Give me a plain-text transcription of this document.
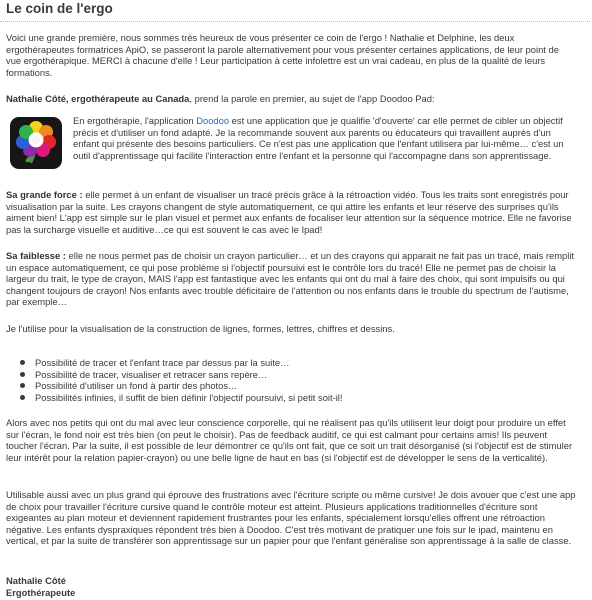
Le coin de l'ergo

Voici une grande première, nous sommes très heureux de vous présenter ce coin de l'ergo ! Nathalie et Delphine, les deux ergothérapeutes formatrices ApiO, se passeront la parole alternativement pour vous présenter certaines applications, de leur point de vue ergothérapique. MERCI à chacune d'elle ! Leur participation à cette infolettre est un vrai cadeau, en plus de la qualité de leurs formations.

Nathalie Côté, ergothérapeute au Canada, prend la parole en premier, au sujet de l'app Doodoo Pad:

En ergothérapie, l'application Doodoo est une application que je qualifie 'd'ouverte' car elle permet de cibler un objectif précis et d'utiliser un fond adapté. Je la recommande souvent aux parents ou éducateurs qui travaillent auprès d'un enfant qui présente des besoins particuliers. Ce n'est pas une application que l'enfant utilisera par lui-même… c'est un outil d'apprentissage qui facilite l'interaction entre l'enfant et la personne qui l'accompagne dans son apprentissage.

Sa grande force : elle permet à un enfant de visualiser un tracé précis grâce à la rétroaction vidéo. Tous les traits sont enregistrés pour visualisation par la suite. Les crayons changent de style automatiquement, ce qui attire les enfants et leur réserve des surprises qu'ils aiment bien! L'app est simple sur le plan visuel et permet aux enfants de focaliser leur attention sur la séquence motrice. Elle ne favorise pas la surcharge visuelle et auditive…ce qui est souvent le cas avec le Ipad!

Sa faiblesse : elle ne nous permet pas de choisir un crayon particulier… et un des crayons qui apparait ne fait pas un tracé, mais remplit un espace automatiquement, ce qui pose problème si l'objectif poursuivi est le contrôle lors du tracé! Elle ne permet pas de choisir la largeur du trait, le type de crayon, MAIS l'app est fantastique avec les enfants qui ont du mal à faire des choix, qui sont impulsifs ou qui changent toujours de crayon! Nos enfants avec trouble déficitaire de l'attention ou nos enfants dans le trouble du spectrum de l'autisme, par exemple…

Je l'utilise pour la visualisation de la construction de lignes, formes, lettres, chiffres et dessins.

Possibilité de tracer et l'enfant trace par dessus par la suite…
Possibilité de tracer, visualiser et retracer sans repère…
Possibilité d'utiliser un fond à partir des photos…
Possibilités infinies, il suffit de bien définir l'objectif poursuivi, si petit soit-il!

Alors avec nos petits qui ont du mal avec leur conscience corporelle, qui ne réalisent pas qu'ils utilisent leur doigt pour produire un effet sur l'écran, le fond noir est très bien (on peut le choisir). Pas de feedback auditif, ce qui est calmant pour certains amis! Ils peuvent toucher l'écran. Par la suite, il est possible de leur démontrer ce qu'ils ont fait, que ce soit un trait désorganisé (si l'objectif est de stimuler leur intérêt pour la relation papier-crayon) ou une belle ligne de haut en bas (si l'objectif est de développer le sens de la verticalité).

Utilisable aussi avec un plus grand qui éprouve des frustrations avec l'écriture scripte ou même cursive! Je dois avouer que c'est une app de choix pour travailler l'écriture cursive quand le contrôle moteur est atteint. Plusieurs applications traditionnelles d'écriture sont exigeantes au plan moteur et deviennent rapidement frustrantes pour les enfants, spécialement lorsqu'elles offrent une rétroaction négative. Les enfants dyspraxiques répondent très bien à Doodoo. C'est très motivant de pratiquer une fois sur le ipad, maintenu en vertical, et par la suite de transférer son apprentissage sur un papier pour que l'enfant généralise son apprentissage à la salle de classe.

Nathalie Côté
Ergothérapeute
